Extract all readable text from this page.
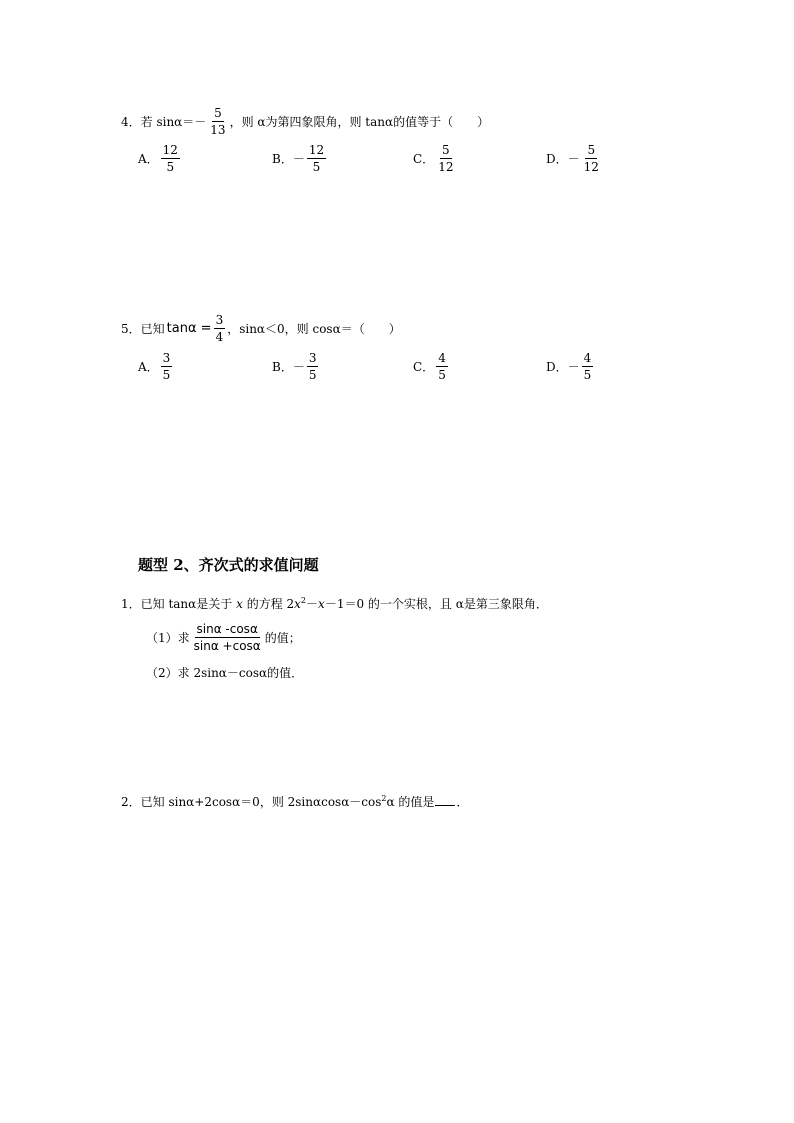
4． 若 $\sin\alpha=- \frac{5}{13}$ ，则 α为第四象限角，则 tanα的值等于（　　）
A． $\frac{12}{5}$	B． － $\frac{12}{5}$	C． $\frac{5}{12}$	D． － $\frac{5}{12}$
5． 已知 $\tan\alpha = \frac{3}{4}$ ，sinα＜0，则 cosα＝（　　）
A． $\frac{3}{5}$	B． － $\frac{3}{5}$	C． $\frac{4}{5}$	D． － $\frac{4}{5}$
题型 2、齐次式的求值问题
1．已知 tanα是关于 x 的方程 $2x^2-x-1=0$ 的一个实根，且 α是第三象限角．
（1）求 $\frac{\sin\alpha -\cos\alpha}{\sin\alpha +\cos\alpha}$ 的值；
（2）求 2sinα－cosα的值．
2．已知 sinα+2cosα＝0，则 $2\sin\alpha\cos\alpha-\cos^2\alpha$ 的值是 ．
